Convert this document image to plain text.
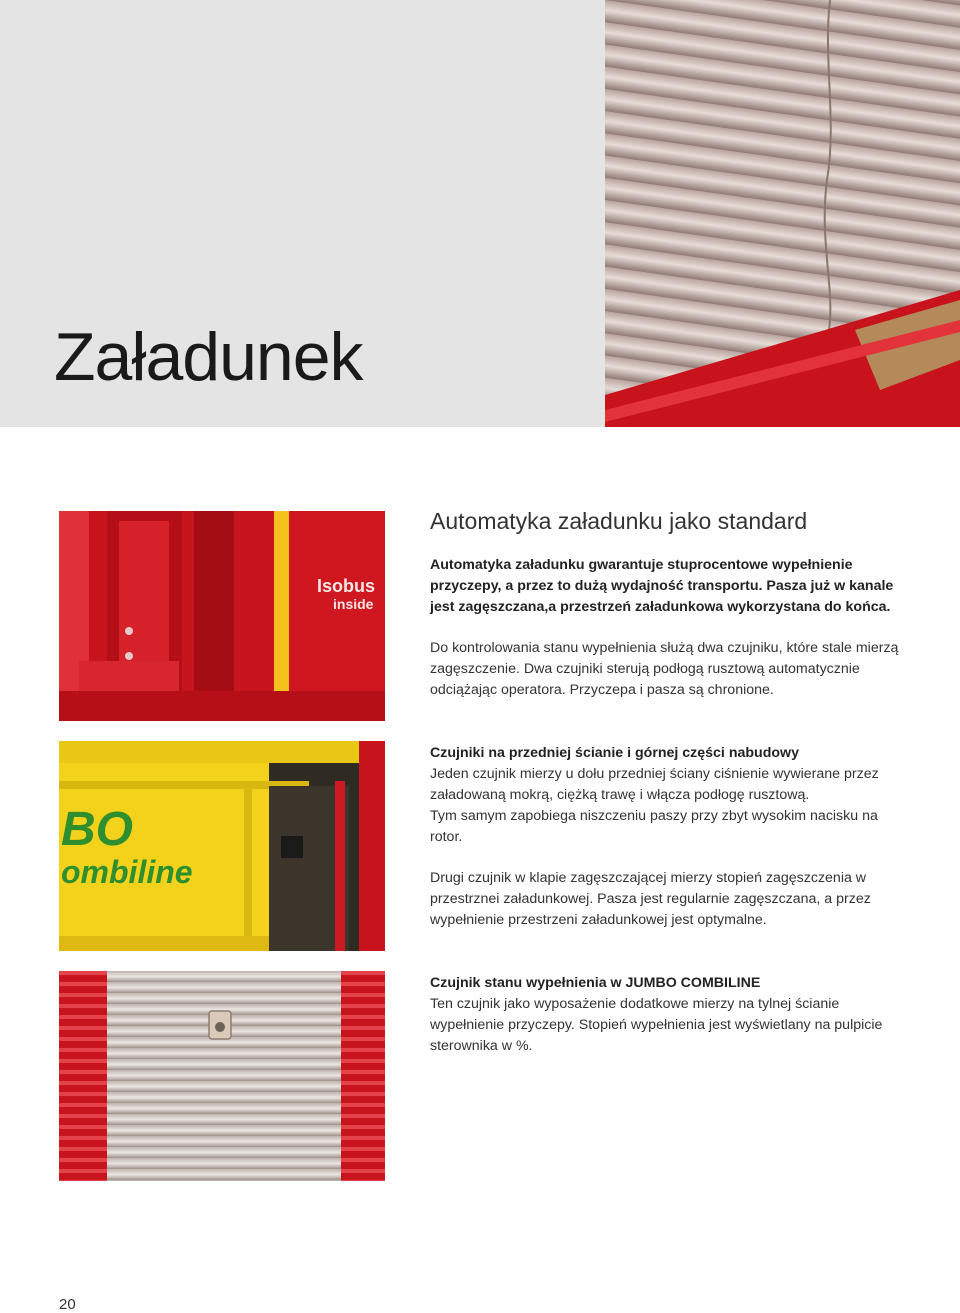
Załadunek
Isobus
inside
BO
ombiline
Automatyka załadunku jako standard

Automatyka załadunku gwarantuje stuprocentowe wypełnienie przyczepy, a przez to dużą wydajność transportu. Pasza już w kanale jest zagęszczana,a przestrzeń załadunkowa wykorzystana do końca.

Do kontrolowania stanu wypełnienia służą dwa czujniku, które stale mierzą zagęszczenie. Dwa czujniki sterują podłogą rusztową automatycznie odciążając operatora. Przyczepa i pasza są chronione.

Czujniki na przedniej ścianie i górnej części nabudowy

Jeden czujnik mierzy u dołu przedniej ściany ciśnienie wywierane przez załadowaną mokrą, ciężką trawę i włącza podłogę rusztową.

Tym samym zapobiega niszczeniu paszy przy zbyt wysokim nacisku na rotor.

Drugi czujnik w klapie zagęszczającej mierzy stopień zagęszczenia w przestrznei załadunkowej. Pasza jest regularnie zagęszczana, a przez wypełnienie przestrzeni załadunkowej jest optymalne.

Czujnik stanu wypełnienia w JUMBO COMBILINE

Ten czujnik jako wyposażenie dodatkowe mierzy na tylnej ścianie wypełnienie przyczepy. Stopień wypełnienia jest wyświetlany na pulpicie sterownika w %.

20
